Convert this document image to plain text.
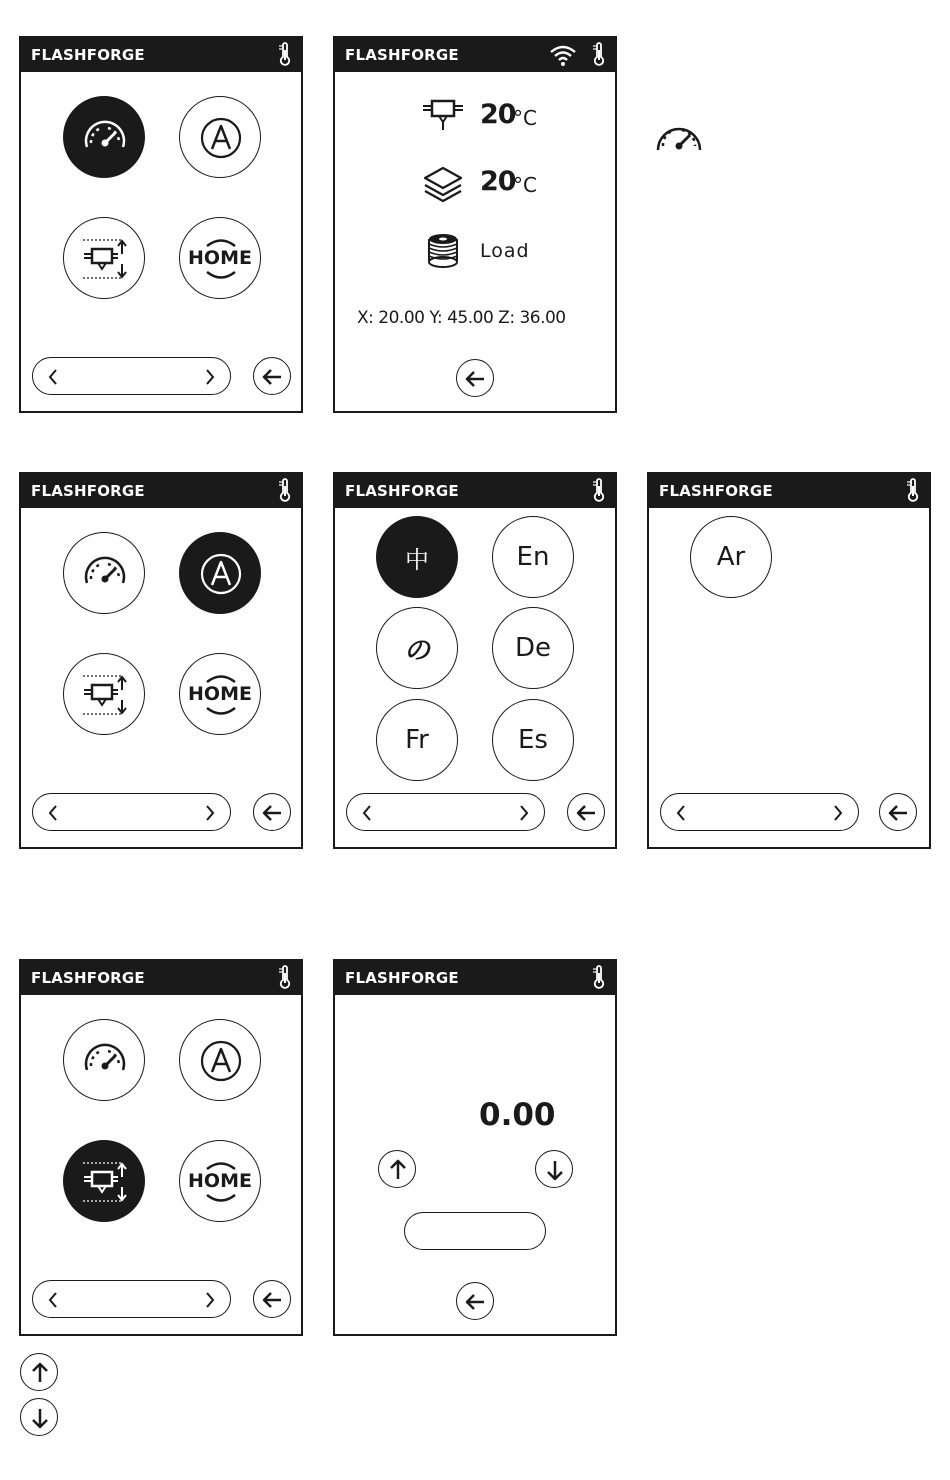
FLASHFORGE
HOME
FLASHFORGE
20
°C
20
°C
Load
X: 20.00 Y: 45.00 Z: 36.00
FLASHFORGE
HOME
FLASHFORGE
中	En
の	De
Fr	Es
FLASHFORGE
Ar
FLASHFORGE
HOME
FLASHFORGE
0.00
